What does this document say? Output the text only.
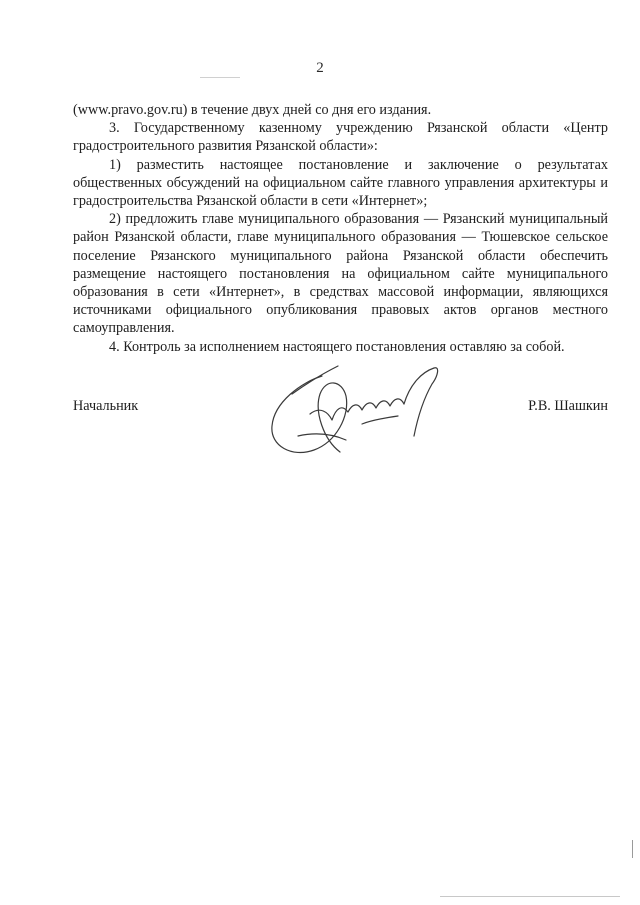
2

(www.pravo.gov.ru) в течение двух дней со дня его издания.

3. Государственному казенному учреждению Рязанской области «Центр градостроительного развития Рязанской области»:

1) разместить настоящее постановление и заключение о результатах общественных обсуждений на официальном сайте главного управления архитектуры и градостроительства Рязанской области в сети «Интернет»;

2) предложить главе муниципального образования — Рязанский муниципальный район Рязанской области, главе муниципального образования — Тюшевское сельское поселение Рязанского муниципального района Рязанской области обеспечить размещение настоящего постановления на официальном сайте муниципального образования в сети «Интернет», в средствах массовой информации, являющихся источниками официального опубликования правовых актов органов местного самоуправления.

4. Контроль за исполнением настоящего постановления оставляю за собой.

Начальник	Р.В. Шашкин
